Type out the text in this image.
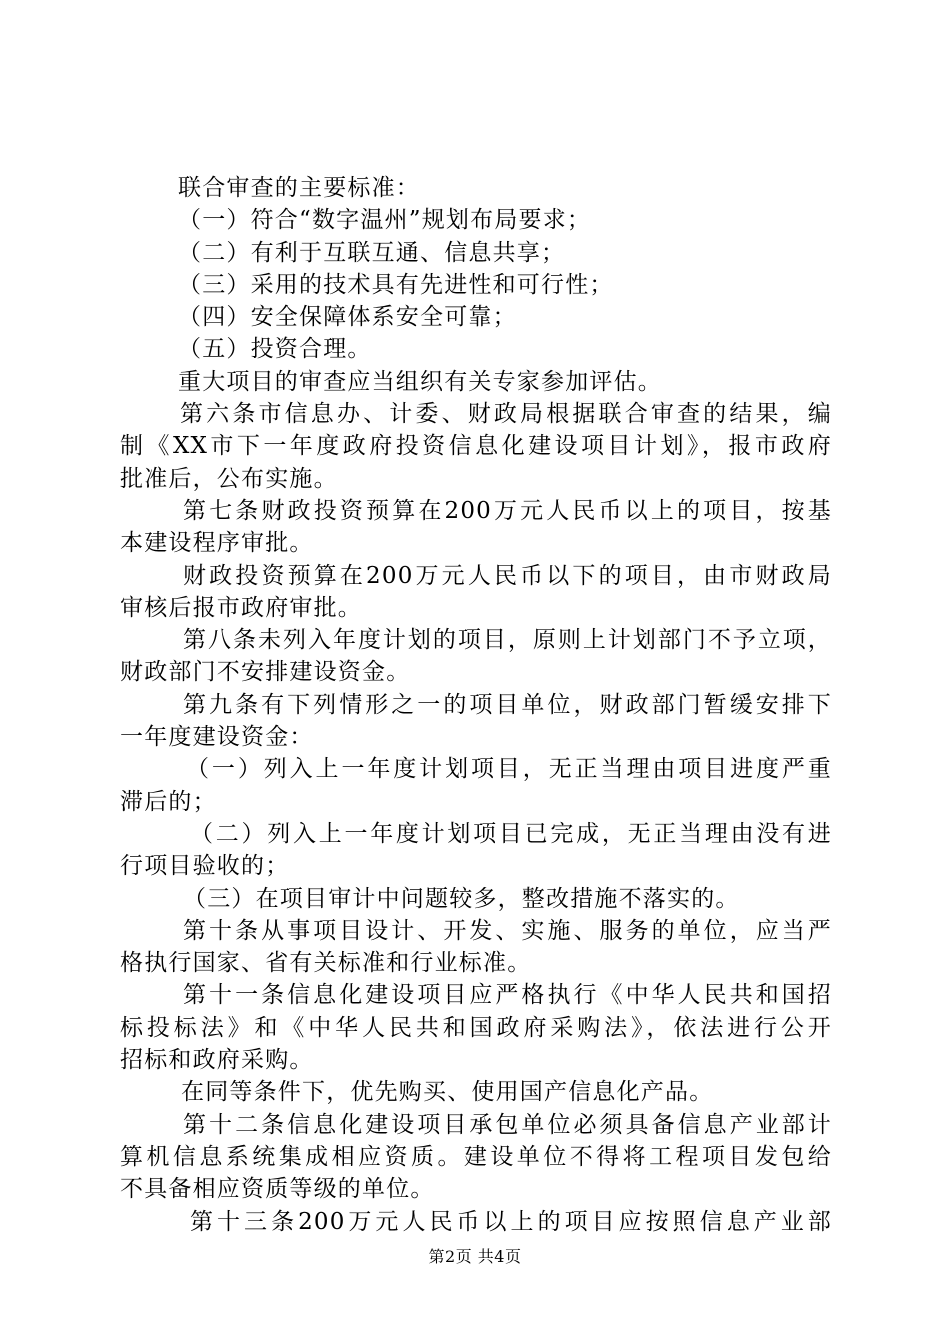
联合审查的主要标准：
（一）符合“数字温州”规划布局要求；
（二）有利于互联互通、信息共享；
（三）采用的技术具有先进性和可行性；
（四）安全保障体系安全可靠；
（五）投资合理。
重大项目的审查应当组织有关专家参加评估。
第六条市信息办、计委、财政局根据联合审查的结果，编
制《XX市下一年度政府投资信息化建设项目计划》，报市政府
批准后，公布实施。
第七条财政投资预算在200万元人民币以上的项目，按基
本建设程序审批。
财政投资预算在200万元人民币以下的项目，由市财政局
审核后报市政府审批。
第八条未列入年度计划的项目，原则上计划部门不予立项，
财政部门不安排建设资金。
第九条有下列情形之一的项目单位，财政部门暂缓安排下
一年度建设资金：
（一）列入上一年度计划项目，无正当理由项目进度严重
滞后的；
（二）列入上一年度计划项目已完成，无正当理由没有进
行项目验收的；
（三）在项目审计中问题较多，整改措施不落实的。
第十条从事项目设计、开发、实施、服务的单位，应当严
格执行国家、省有关标准和行业标准。
第十一条信息化建设项目应严格执行《中华人民共和国招
标投标法》和《中华人民共和国政府采购法》，依法进行公开
招标和政府采购。
在同等条件下，优先购买、使用国产信息化产品。
第十二条信息化建设项目承包单位必须具备信息产业部计
算机信息系统集成相应资质。建设单位不得将工程项目发包给
不具备相应资质等级的单位。
第十三条200万元人民币以上的项目应按照信息产业部
第2页 共4页
